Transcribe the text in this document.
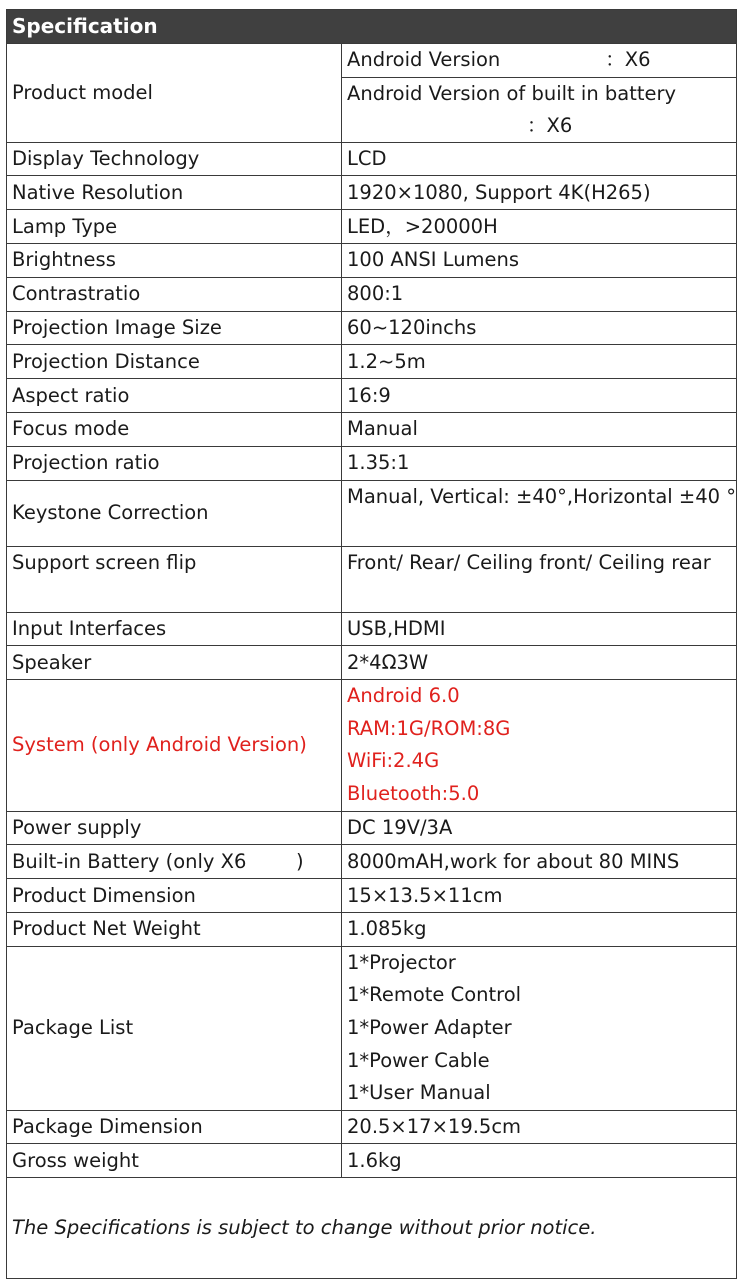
Specification	
Product model	Android Version ：X6

	Android Version of built in battery
：X6

Display Technology	LCD
Native Resolution	1920×1080, Support 4K(H265)
Lamp Type	LED，>20000H
Brightness	100 ANSI Lumens
Contrastratio	800:1
Projection Image Size	60~120inchs
Projection Distance	1.2~5m
Aspect ratio	16:9
Focus mode	Manual
Projection ratio	1.35:1
Keystone Correction	Manual, Vertical: ±40°,Horizontal ±40 °
Support screen flip	Front/ Rear/ Ceiling front/ Ceiling rear
Input Interfaces	USB,HDMI
Speaker	2*4Ω3W
System (only Android Version)	Android 6.0
RAM:1G/ROM:8G
WiFi:2.4G
Bluetooth:5.0

Power supply	DC 19V/3A
Built-in Battery (only X6        )	8000mAH,work for about 80 MINS
Product Dimension	15×13.5×11cm
Product Net Weight	1.085kg
Package List	1*Projector
1*Remote Control
1*Power Adapter
1*Power Cable
1*User Manual

Package Dimension	20.5×17×19.5cm
Gross weight	1.6kg
The Specifications is subject to change without prior notice.	
